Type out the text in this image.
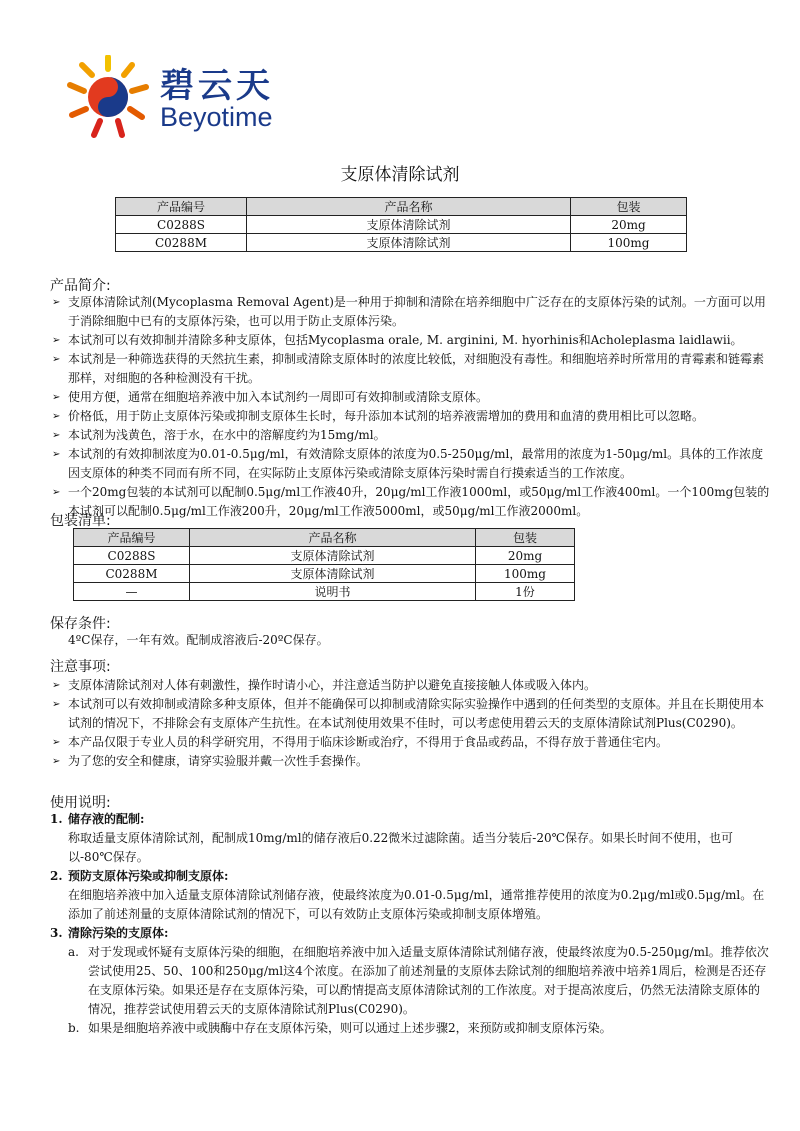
碧云天
Beyotime
支原体清除试剂
产品编号	产品名称	包装
C0288S	支原体清除试剂	20mg
C0288M	支原体清除试剂	100mg
产品简介:
➢ 支原体清除试剂(Mycoplasma Removal Agent)是一种用于抑制和清除在培养细胞中广泛存在的支原体污染的试剂。一方面可以用于消除细胞中已有的支原体污染，也可以用于防止支原体污染。
➢ 本试剂可以有效抑制并清除多种支原体，包括Mycoplasma orale, M. arginini, M. hyorhinis和Acholeplasma laidlawii。
➢ 本试剂是一种筛选获得的天然抗生素，抑制或清除支原体时的浓度比较低，对细胞没有毒性。和细胞培养时所常用的青霉素和链霉素那样，对细胞的各种检测没有干扰。
➢ 使用方便，通常在细胞培养液中加入本试剂约一周即可有效抑制或清除支原体。
➢ 价格低，用于防止支原体污染或抑制支原体生长时，每升添加本试剂的培养液需增加的费用和血清的费用相比可以忽略。
➢ 本试剂为浅黄色，溶于水，在水中的溶解度约为15mg/ml。
➢ 本试剂的有效抑制浓度为0.01-0.5μg/ml，有效清除支原体的浓度为0.5-250μg/ml，最常用的浓度为1-50μg/ml。具体的工作浓度因支原体的种类不同而有所不同，在实际防止支原体污染或清除支原体污染时需自行摸索适当的工作浓度。
➢ 一个20mg包装的本试剂可以配制0.5μg/ml工作液40升，20μg/ml工作液1000ml，或50μg/ml工作液400ml。一个100mg包装的本试剂可以配制0.5μg/ml工作液200升，20μg/ml工作液5000ml，或50μg/ml工作液2000ml。
包装清单:
产品编号	产品名称	包装
C0288S	支原体清除试剂	20mg
C0288M	支原体清除试剂	100mg
—	说明书	1份
保存条件:
4ºC保存，一年有效。配制成溶液后-20ºC保存。
注意事项:
➢ 支原体清除试剂对人体有刺激性，操作时请小心，并注意适当防护以避免直接接触人体或吸入体内。
➢ 本试剂可以有效抑制或清除多种支原体，但并不能确保可以抑制或清除实际实验操作中遇到的任何类型的支原体。并且在长期使用本试剂的情况下，不排除会有支原体产生抗性。在本试剂使用效果不佳时，可以考虑使用碧云天的支原体清除试剂Plus(C0290)。
➢ 本产品仅限于专业人员的科学研究用，不得用于临床诊断或治疗，不得用于食品或药品，不得存放于普通住宅内。
➢ 为了您的安全和健康，请穿实验服并戴一次性手套操作。
使用说明:
1. 储存液的配制:
称取适量支原体清除试剂，配制成10mg/ml的储存液后0.22微米过滤除菌。适当分装后-20℃保存。如果长时间不使用，也可以-80℃保存。
2. 预防支原体污染或抑制支原体:
在细胞培养液中加入适量支原体清除试剂储存液，使最终浓度为0.01-0.5μg/ml，通常推荐使用的浓度为0.2μg/ml或0.5μg/ml。在添加了前述剂量的支原体清除试剂的情况下，可以有效防止支原体污染或抑制支原体增殖。
3. 清除污染的支原体:
a. 对于发现或怀疑有支原体污染的细胞，在细胞培养液中加入适量支原体清除试剂储存液，使最终浓度为0.5-250μg/ml。推荐依次尝试使用25、50、100和250μg/ml这4个浓度。在添加了前述剂量的支原体去除试剂的细胞培养液中培养1周后，检测是否还存在支原体污染。如果还是存在支原体污染，可以酌情提高支原体清除试剂的工作浓度。对于提高浓度后，仍然无法清除支原体的情况，推荐尝试使用碧云天的支原体清除试剂Plus(C0290)。
b. 如果是细胞培养液中或胰酶中存在支原体污染，则可以通过上述步骤2，来预防或抑制支原体污染。
